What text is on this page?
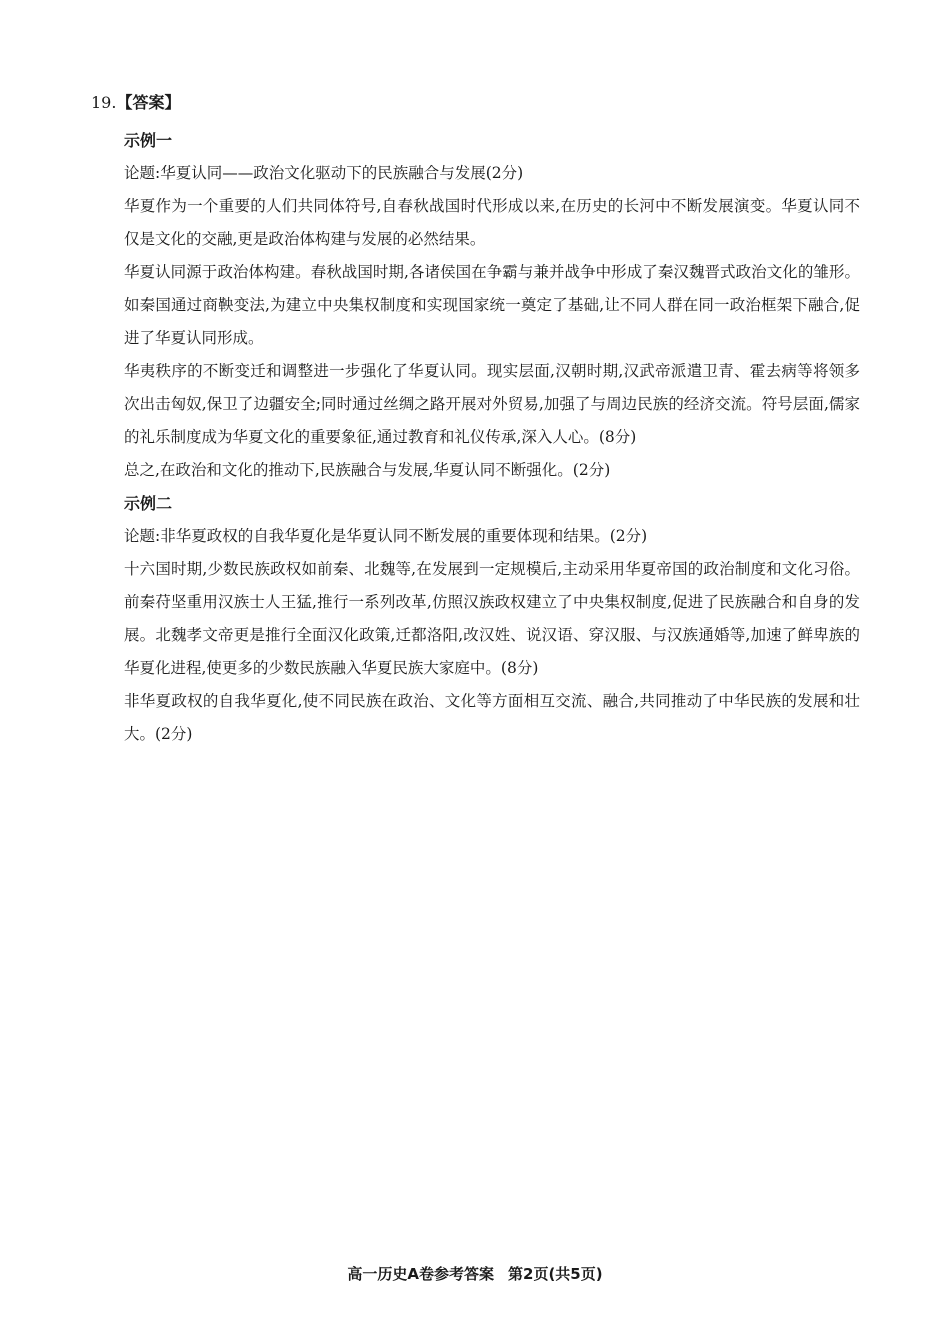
19.【答案】
示例一

论题:华夏认同——政治文化驱动下的民族融合与发展(2分)

华夏作为一个重要的人们共同体符号,自春秋战国时代形成以来,在历史的长河中不断发展演变。华夏认同不仅是文化的交融,更是政治体构建与发展的必然结果。

华夏认同源于政治体构建。春秋战国时期,各诸侯国在争霸与兼并战争中形成了秦汉魏晋式政治文化的雏形。如秦国通过商鞅变法,为建立中央集权制度和实现国家统一奠定了基础,让不同人群在同一政治框架下融合,促进了华夏认同形成。

华夷秩序的不断变迁和调整进一步强化了华夏认同。现实层面,汉朝时期,汉武帝派遣卫青、霍去病等将领多次出击匈奴,保卫了边疆安全;同时通过丝绸之路开展对外贸易,加强了与周边民族的经济交流。符号层面,儒家的礼乐制度成为华夏文化的重要象征,通过教育和礼仪传承,深入人心。(8分)

总之,在政治和文化的推动下,民族融合与发展,华夏认同不断强化。(2分)

示例二

论题:非华夏政权的自我华夏化是华夏认同不断发展的重要体现和结果。(2分)

十六国时期,少数民族政权如前秦、北魏等,在发展到一定规模后,主动采用华夏帝国的政治制度和文化习俗。前秦苻坚重用汉族士人王猛,推行一系列改革,仿照汉族政权建立了中央集权制度,促进了民族融合和自身的发展。北魏孝文帝更是推行全面汉化政策,迁都洛阳,改汉姓、说汉语、穿汉服、与汉族通婚等,加速了鲜卑族的华夏化进程,使更多的少数民族融入华夏民族大家庭中。(8分)

非华夏政权的自我华夏化,使不同民族在政治、文化等方面相互交流、融合,共同推动了中华民族的发展和壮大。(2分)

高一历史A卷参考答案 第2页(共5页)
